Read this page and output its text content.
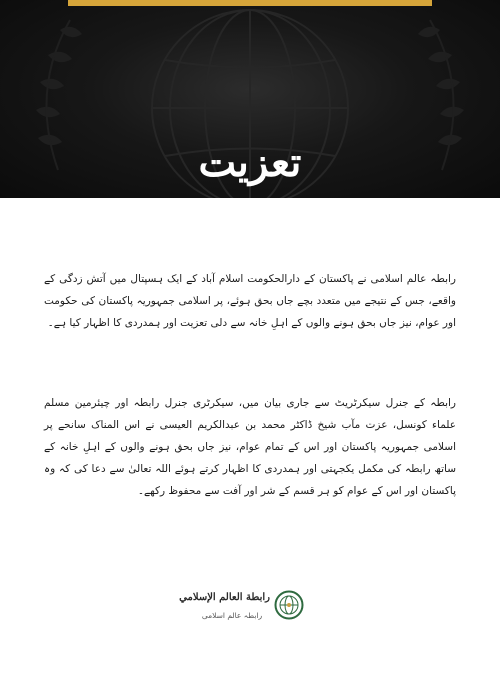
تعزیت

رابطہ عالم اسلامی نے پاکستان کے دارالحکومت اسلام آباد کے ایک ہسپتال میں آتش زدگی کے واقعے، جس کے نتیجے میں متعدد بچے جاں بحق ہوئے، پر اسلامی جمہوریہ پاکستان کی حکومت اور عوام، نیز جاں بحق ہونے والوں کے اہلِ خانہ سے دلی تعزیت اور ہمدردی کا اظہار کیا ہے۔

رابطہ کے جنرل سیکرٹریٹ سے جاری بیان میں، سیکرٹری جنرل رابطہ اور چیئرمین مسلم علماء کونسل، عزت مآب شیخ ڈاکٹر محمد بن عبدالکریم العیسی نے اس المناک سانحے پر اسلامی جمہوریہ پاکستان اور اس کے تمام عوام، نیز جاں بحق ہونے والوں کے اہلِ خانہ کے ساتھ رابطہ کی مکمل یکجہتی اور ہمدردی کا اظہار کرتے ہوئے اللہ تعالیٰ سے دعا کی کہ وہ پاکستان اور اس کے عوام کو ہر قسم کے شر اور آفت سے محفوظ رکھے۔

رابطة العالم الإسلامي
رابطہ عالم اسلامی
